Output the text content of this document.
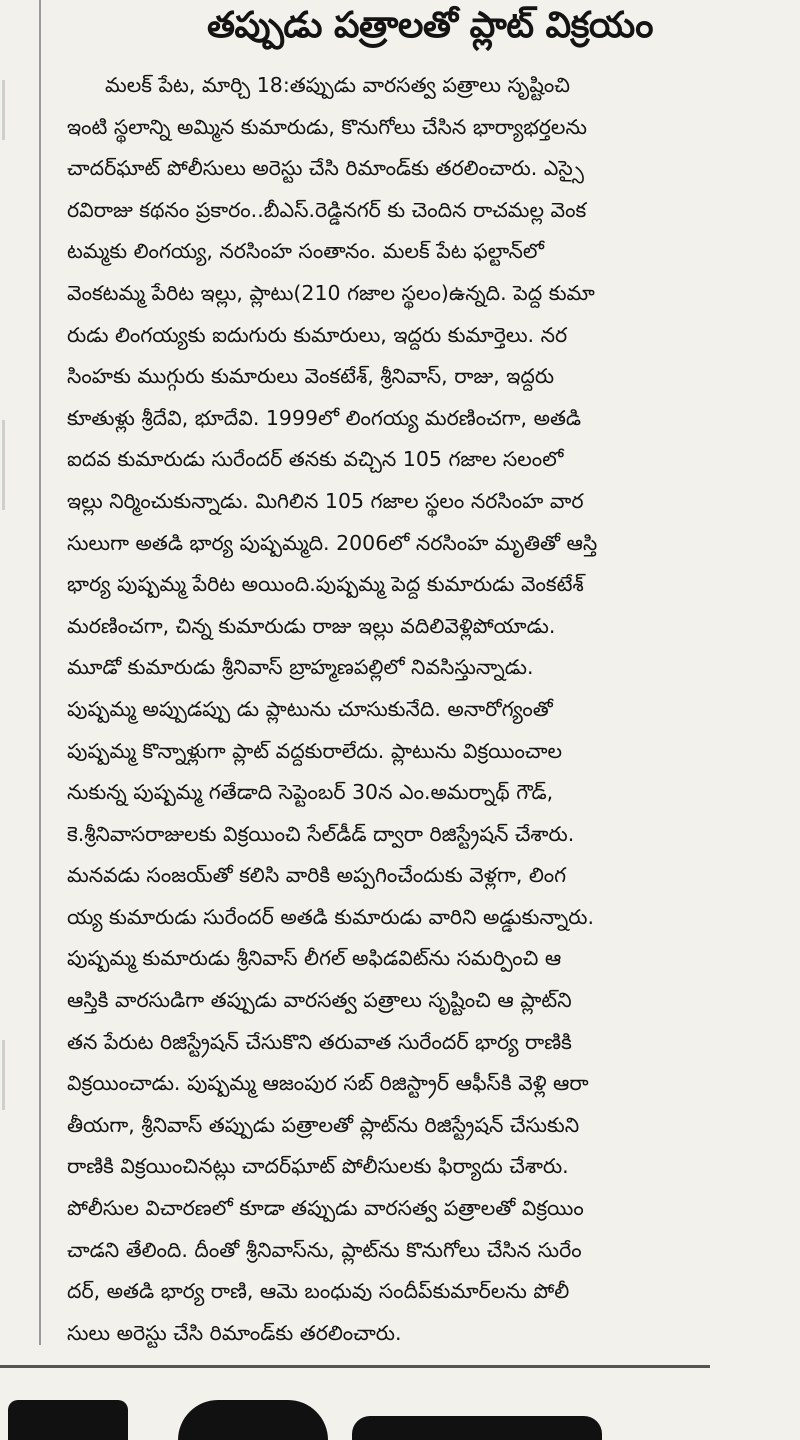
తప్పుడు పత్రాలతో ప్లాట్ విక్రయం
మలక్ పేట, మార్చి 18:తప్పుడు వారసత్వ పత్రాలు సృష్టించి
ఇంటి స్థలాన్ని అమ్మిన కుమారుడు, కొనుగోలు చేసిన భార్యాభర్తలను
చాదర్‌ఘాట్ పోలీసులు అరెస్టు చేసి రిమాండ్‌కు తరలించారు. ఎస్సై
రవిరాజు కథనం ప్రకారం..బీఎస్.రెడ్డినగర్ కు చెందిన రాచమల్ల వెంక
టమ్మకు లింగయ్య, నరసింహ సంతానం. మలక్ పేట ఫల్టాన్‌లో
వెంకటమ్మ పేరిట ఇల్లు, ప్లాటు(210 గజాల స్థలం)ఉన్నది. పెద్ద కుమా
రుడు లింగయ్యకు ఐదుగురు కుమారులు, ఇద్దరు కుమార్తెలు. నర
సింహకు ముగ్గురు కుమారులు వెంకటేశ్, శ్రీనివాస్, రాజు, ఇద్దరు
కూతుళ్లు శ్రీదేవి, భూదేవి. 1999లో లింగయ్య మరణించగా, అతడి
ఐదవ కుమారుడు సురేందర్ తనకు వచ్చిన 105 గజాల సలంలో
ఇల్లు నిర్మించుకున్నాడు. మిగిలిన 105 గజాల స్థలం నరసింహ వార
సులుగా అతడి భార్య పుష్పమ్మది. 2006లో నరసింహ మృతితో ఆస్తి
భార్య పుష్పమ్మ పేరిట అయింది.పుష్పమ్మ పెద్ద కుమారుడు వెంకటేశ్
మరణించగా, చిన్న కుమారుడు రాజు ఇల్లు వదిలివెళ్లిపోయాడు.
మూడో కుమారుడు శ్రీనివాస్ బ్రాహ్మణపల్లిలో నివసిస్తున్నాడు.
పుష్పమ్మ అప్పుడప్పు డు ప్లాటును చూసుకునేది. అనారోగ్యంతో
పుష్పమ్మ కొన్నాళ్లుగా ప్లాట్ వద్దకురాలేదు. ప్లాటును విక్రయించాల
నుకున్న పుష్పమ్మ గతేడాది సెప్టెంబర్ 30న ఎం.అమర్నాథ్ గౌడ్,
కె.శ్రీనివాసరాజులకు విక్రయించి సేల్‌డీడ్ ద్వారా రిజిస్ట్రేషన్ చేశారు.
మనవడు సంజయ్‌తో కలిసి వారికి అప్పగించేందుకు వెళ్లగా, లింగ
య్య కుమారుడు సురేందర్ అతడి కుమారుడు వారిని అడ్డుకున్నారు.
పుష్పమ్మ కుమారుడు శ్రీనివాస్ లీగల్ అఫిడవిట్‌ను సమర్పించి ఆ
ఆస్తికి వారసుడిగా తప్పుడు వారసత్వ పత్రాలు సృష్టించి ఆ ప్లాట్‌ని
తన పేరుట రిజిస్ట్రేషన్ చేసుకొని తరువాత సురేందర్ భార్య రాణికి
విక్రయించాడు. పుష్పమ్మ ఆజంపుర సబ్ రిజిస్ట్రార్ ఆఫీస్‌కి వెళ్లి ఆరా
తీయగా, శ్రీనివాస్ తప్పుడు పత్రాలతో ప్లాట్‌ను రిజిస్ట్రేషన్ చేసుకుని
రాణికి విక్రయించినట్లు చాదర్‌ఘాట్ పోలీసులకు ఫిర్యాదు చేశారు.
పోలీసుల విచారణలో కూడా తప్పుడు వారసత్వ పత్రాలతో విక్రయిం
చాడని తేలింది. దీంతో శ్రీనివాస్‌ను, ప్లాట్‌ను కొనుగోలు చేసిన సురేం
దర్, అతడి భార్య రాణి, ఆమె బంధువు సందీప్‌కుమార్‌లను పోలీ
సులు అరెస్టు చేసి రిమాండ్‌కు తరలించారు.
